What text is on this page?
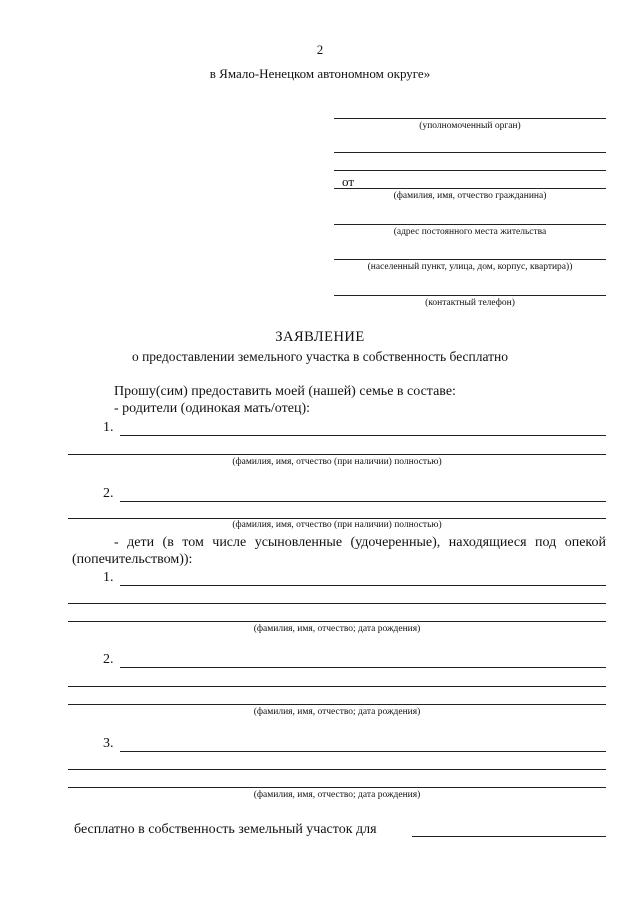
2
в Ямало-Ненецком автономном округе»
(уполномоченный орган)
от
(фамилия, имя, отчество гражданина)
(адрес постоянного места жительства
(населенный пункт, улица, дом, корпус, квартира))
(контактный телефон)
ЗАЯВЛЕНИЕ
о предоставлении земельного участка в собственность бесплатно
Прошу(сим) предоставить моей (нашей) семье в составе:
- родители (одинокая мать/отец):
1.
(фамилия, имя, отчество (при наличии) полностью)
2.
(фамилия, имя, отчество (при наличии) полностью)
- дети (в том числе усыновленные (удочеренные), находящиеся под опекой
(попечительством)):
1.
(фамилия, имя, отчество; дата рождения)
2.
(фамилия, имя, отчество; дата рождения)
3.
(фамилия, имя, отчество; дата рождения)
бесплатно в собственность земельный участок для
